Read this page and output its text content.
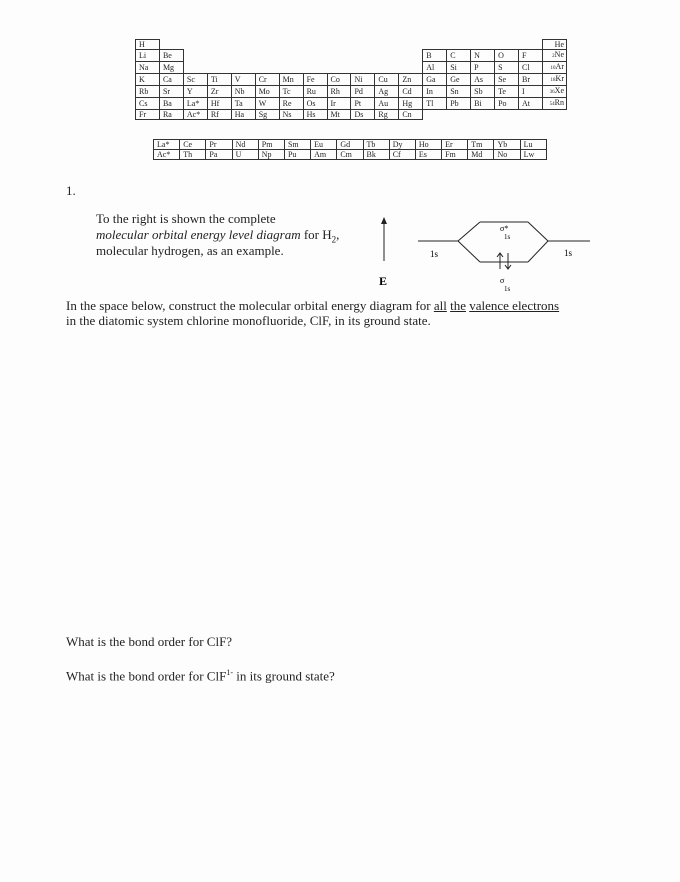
H																	He
Li	Be											B	C	N	O	F	2Ne
Na	Mg											Al	Si	P	S	Cl	10Ar
K	Ca	Sc	Ti	V	Cr	Mn	Fe	Co	Ni	Cu	Zn	Ga	Ge	As	Se	Br	18Kr
Rb	Sr	Y	Zr	Nb	Mo	Tc	Ru	Rh	Pd	Ag	Cd	In	Sn	Sb	Te	I	36Xe
Cs	Ba	La*	Hf	Ta	W	Re	Os	Ir	Pt	Au	Hg	Tl	Pb	Bi	Po	At	54Rn
Fr	Ra	Ac*	Rf	Ha	Sg	Ns	Hs	Mt	Ds	Rg	Cn						
La*	Ce	Pr	Nd	Pm	Sm	Eu	Gd	Tb	Dy	Ho	Er	Tm	Yb	Lu
Ac*	Th	Pa	U	Np	Pu	Am	Cm	Bk	Cf	Es	Fm	Md	No	Lw
1.
To the right is shown the complete
molecular orbital energy level diagram for $H_2$,
molecular hydrogen, as an example.
E
1s	1s
σ*
1s
σ
1s
In the space below, construct the molecular orbital energy diagram for all the valence electrons
in the diatomic system chlorine monofluoride, ClF, in its ground state.
What is the bond order for ClF?
What is the bond order for ClF$^{1-}$ in its ground state?
